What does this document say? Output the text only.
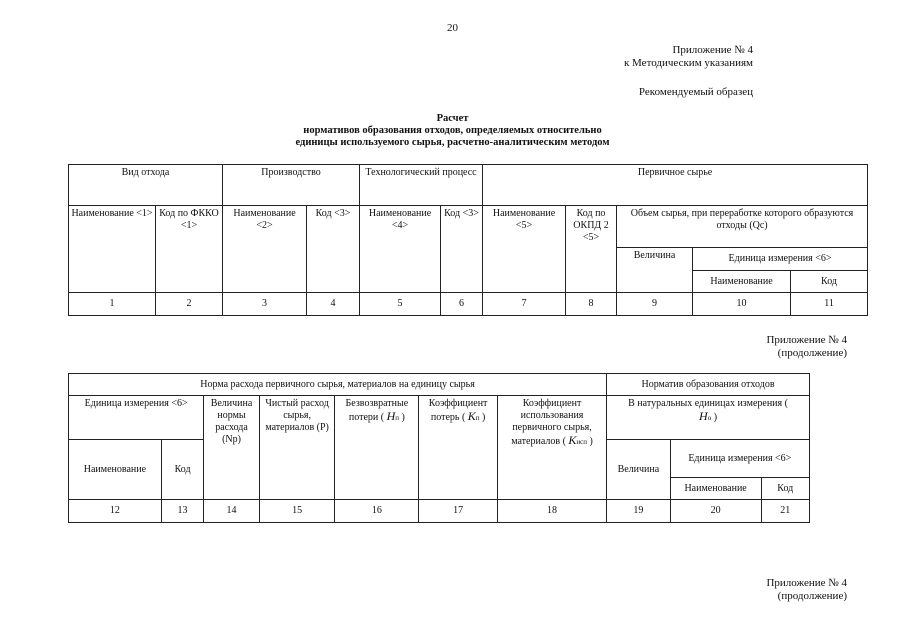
20
Приложение № 4
к Методическим указаниям
Рекомендуемый образец
Расчет
нормативов образования отходов, определяемых относительно
единицы используемого сырья, расчетно-аналитическим методом
Вид отхода		Производство		Технологический процесс		Первичное сырье				
Наименование <1>	Код по ФККО <1>	Наименование <2>	Код <3>	Наименование <4>	Код <3>	Наименование <5>	Код по ОКПД 2 <5>	Объем сырья, при переработке которого образуются отходы (Qc)		
								Величина	Единица измерения <6>	
									Наименование	Код
1	2	3	4	5	6	7	8	9	10	11
Приложение № 4
(продолжение)
Норма расхода первичного сырья, материалов на единицу сырья							Норматив образования отходов		
Единица измерения <6>		Величина нормы расхода (Nр)	Чистый расход сырья, материалов (Р)	Безвозвратные потери ( Нп )	Коэффициент потерь ( Кп )	Коэффициент использования первичного сырья, материалов ( Кисп )	В натуральных единицах измерения (
Но )		
Наименование	Код						Величина	Единица измерения <6>	
								Наименование	Код
12	13	14	15	16	17	18	19	20	21
Приложение № 4
(продолжение)
